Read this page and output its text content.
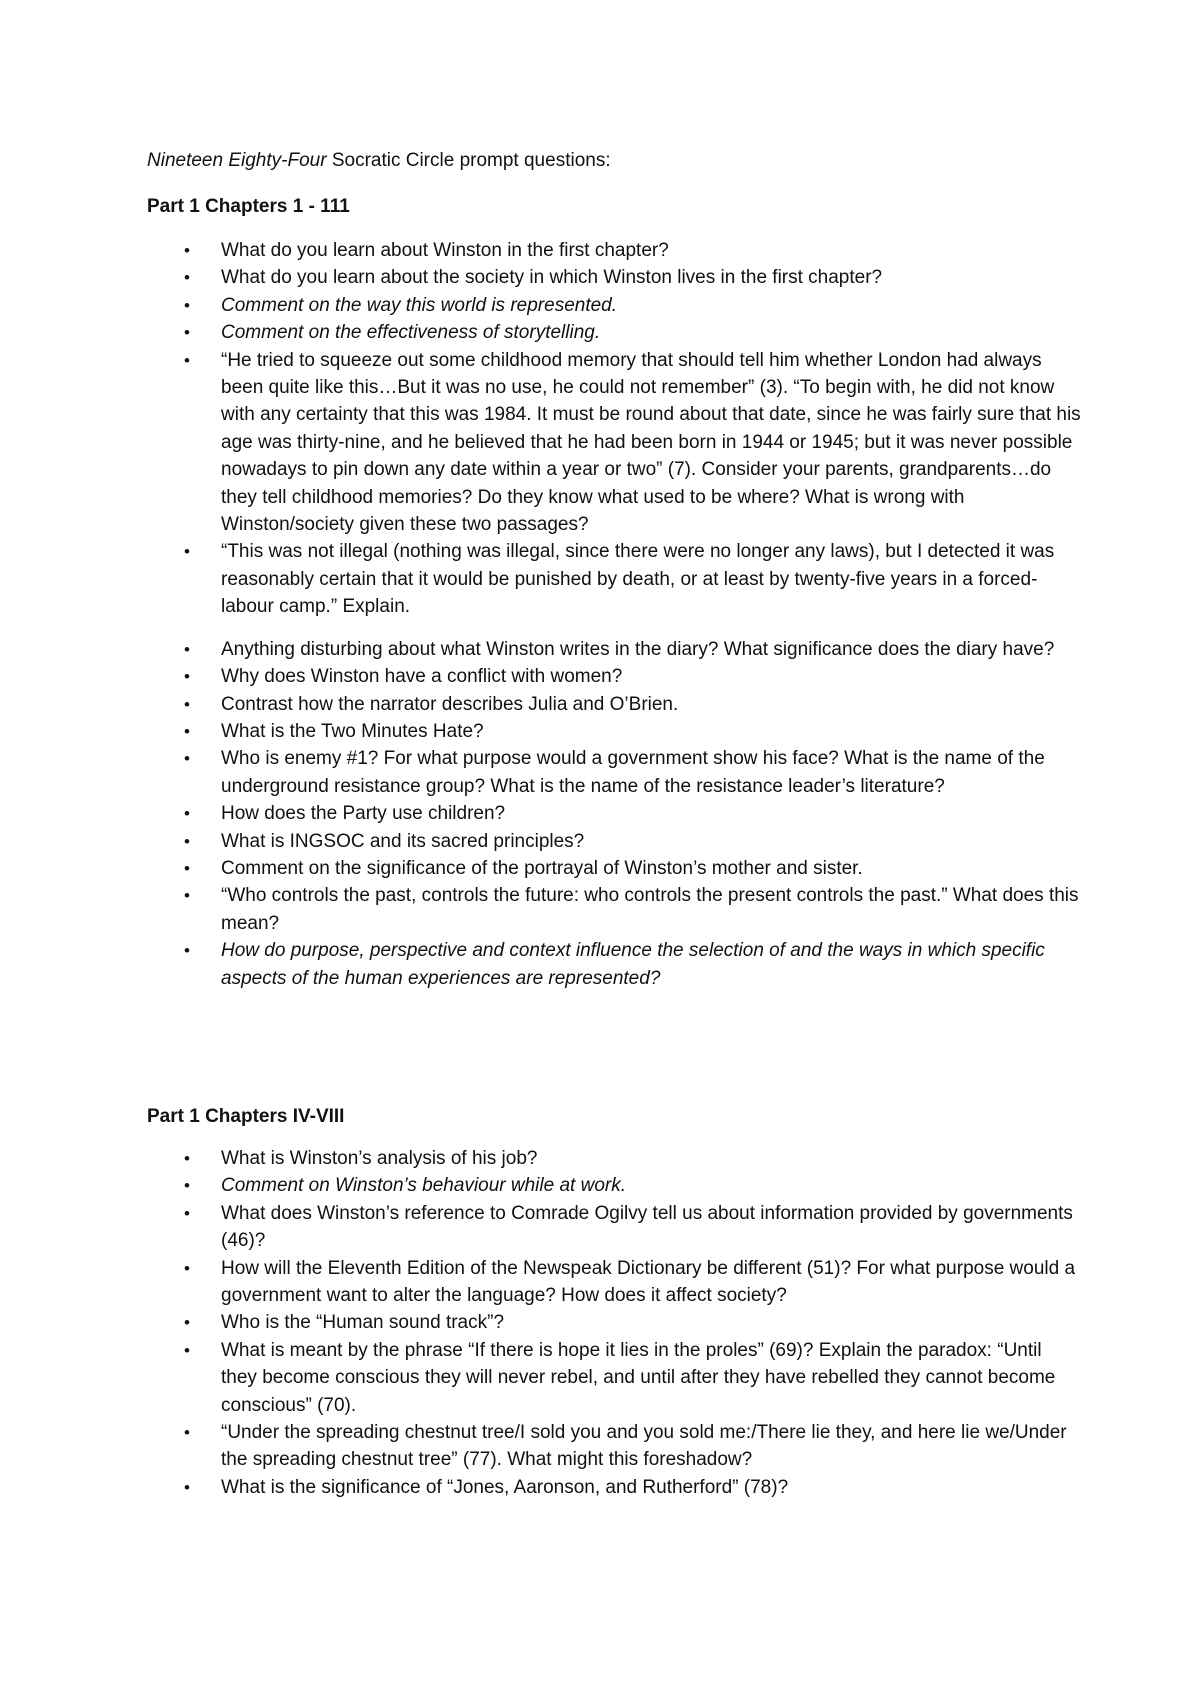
Nineteen Eighty-Four Socratic Circle prompt questions:
Part 1 Chapters 1 - 111
• What do you learn about Winston in the first chapter?
• What do you learn about the society in which Winston lives in the first chapter?
• Comment on the way this world is represented.
• Comment on the effectiveness of storytelling.
• “He tried to squeeze out some childhood memory that should tell him whether London had always been quite like this…But it was no use, he could not remember” (3). “To begin with, he did not know with any certainty that this was 1984. It must be round about that date, since he was fairly sure that his age was thirty-nine, and he believed that he had been born in 1944 or 1945; but it was never possible nowadays to pin down any date within a year or two” (7). Consider your parents, grandparents…do they tell childhood memories? Do they know what used to be where? What is wrong with Winston/society given these two passages?
• “This was not illegal (nothing was illegal, since there were no longer any laws), but I detected it was reasonably certain that it would be punished by death, or at least by twenty-five years in a forced-labour camp.” Explain.
• Anything disturbing about what Winston writes in the diary? What significance does the diary have?
• Why does Winston have a conflict with women?
• Contrast how the narrator describes Julia and O’Brien.
• What is the Two Minutes Hate?
• Who is enemy #1? For what purpose would a government show his face? What is the name of the underground resistance group? What is the name of the resistance leader’s literature?
• How does the Party use children?
• What is INGSOC and its sacred principles?
• Comment on the significance of the portrayal of Winston’s mother and sister.
• “Who controls the past, controls the future: who controls the present controls the past.” What does this mean?
• How do purpose, perspective and context influence the selection of and the ways in which specific aspects of the human experiences are represented?
Part 1 Chapters IV-VIII
• What is Winston’s analysis of his job?
• Comment on Winston’s behaviour while at work.
• What does Winston’s reference to Comrade Ogilvy tell us about information provided by governments (46)?
• How will the Eleventh Edition of the Newspeak Dictionary be different (51)? For what purpose would a government want to alter the language? How does it affect society?
• Who is the “Human sound track”?
• What is meant by the phrase “If there is hope it lies in the proles” (69)? Explain the paradox: “Until they become conscious they will never rebel, and until after they have rebelled they cannot become conscious” (70).
• “Under the spreading chestnut tree/I sold you and you sold me:/There lie they, and here lie we/Under the spreading chestnut tree” (77). What might this foreshadow?
• What is the significance of “Jones, Aaronson, and Rutherford” (78)?
